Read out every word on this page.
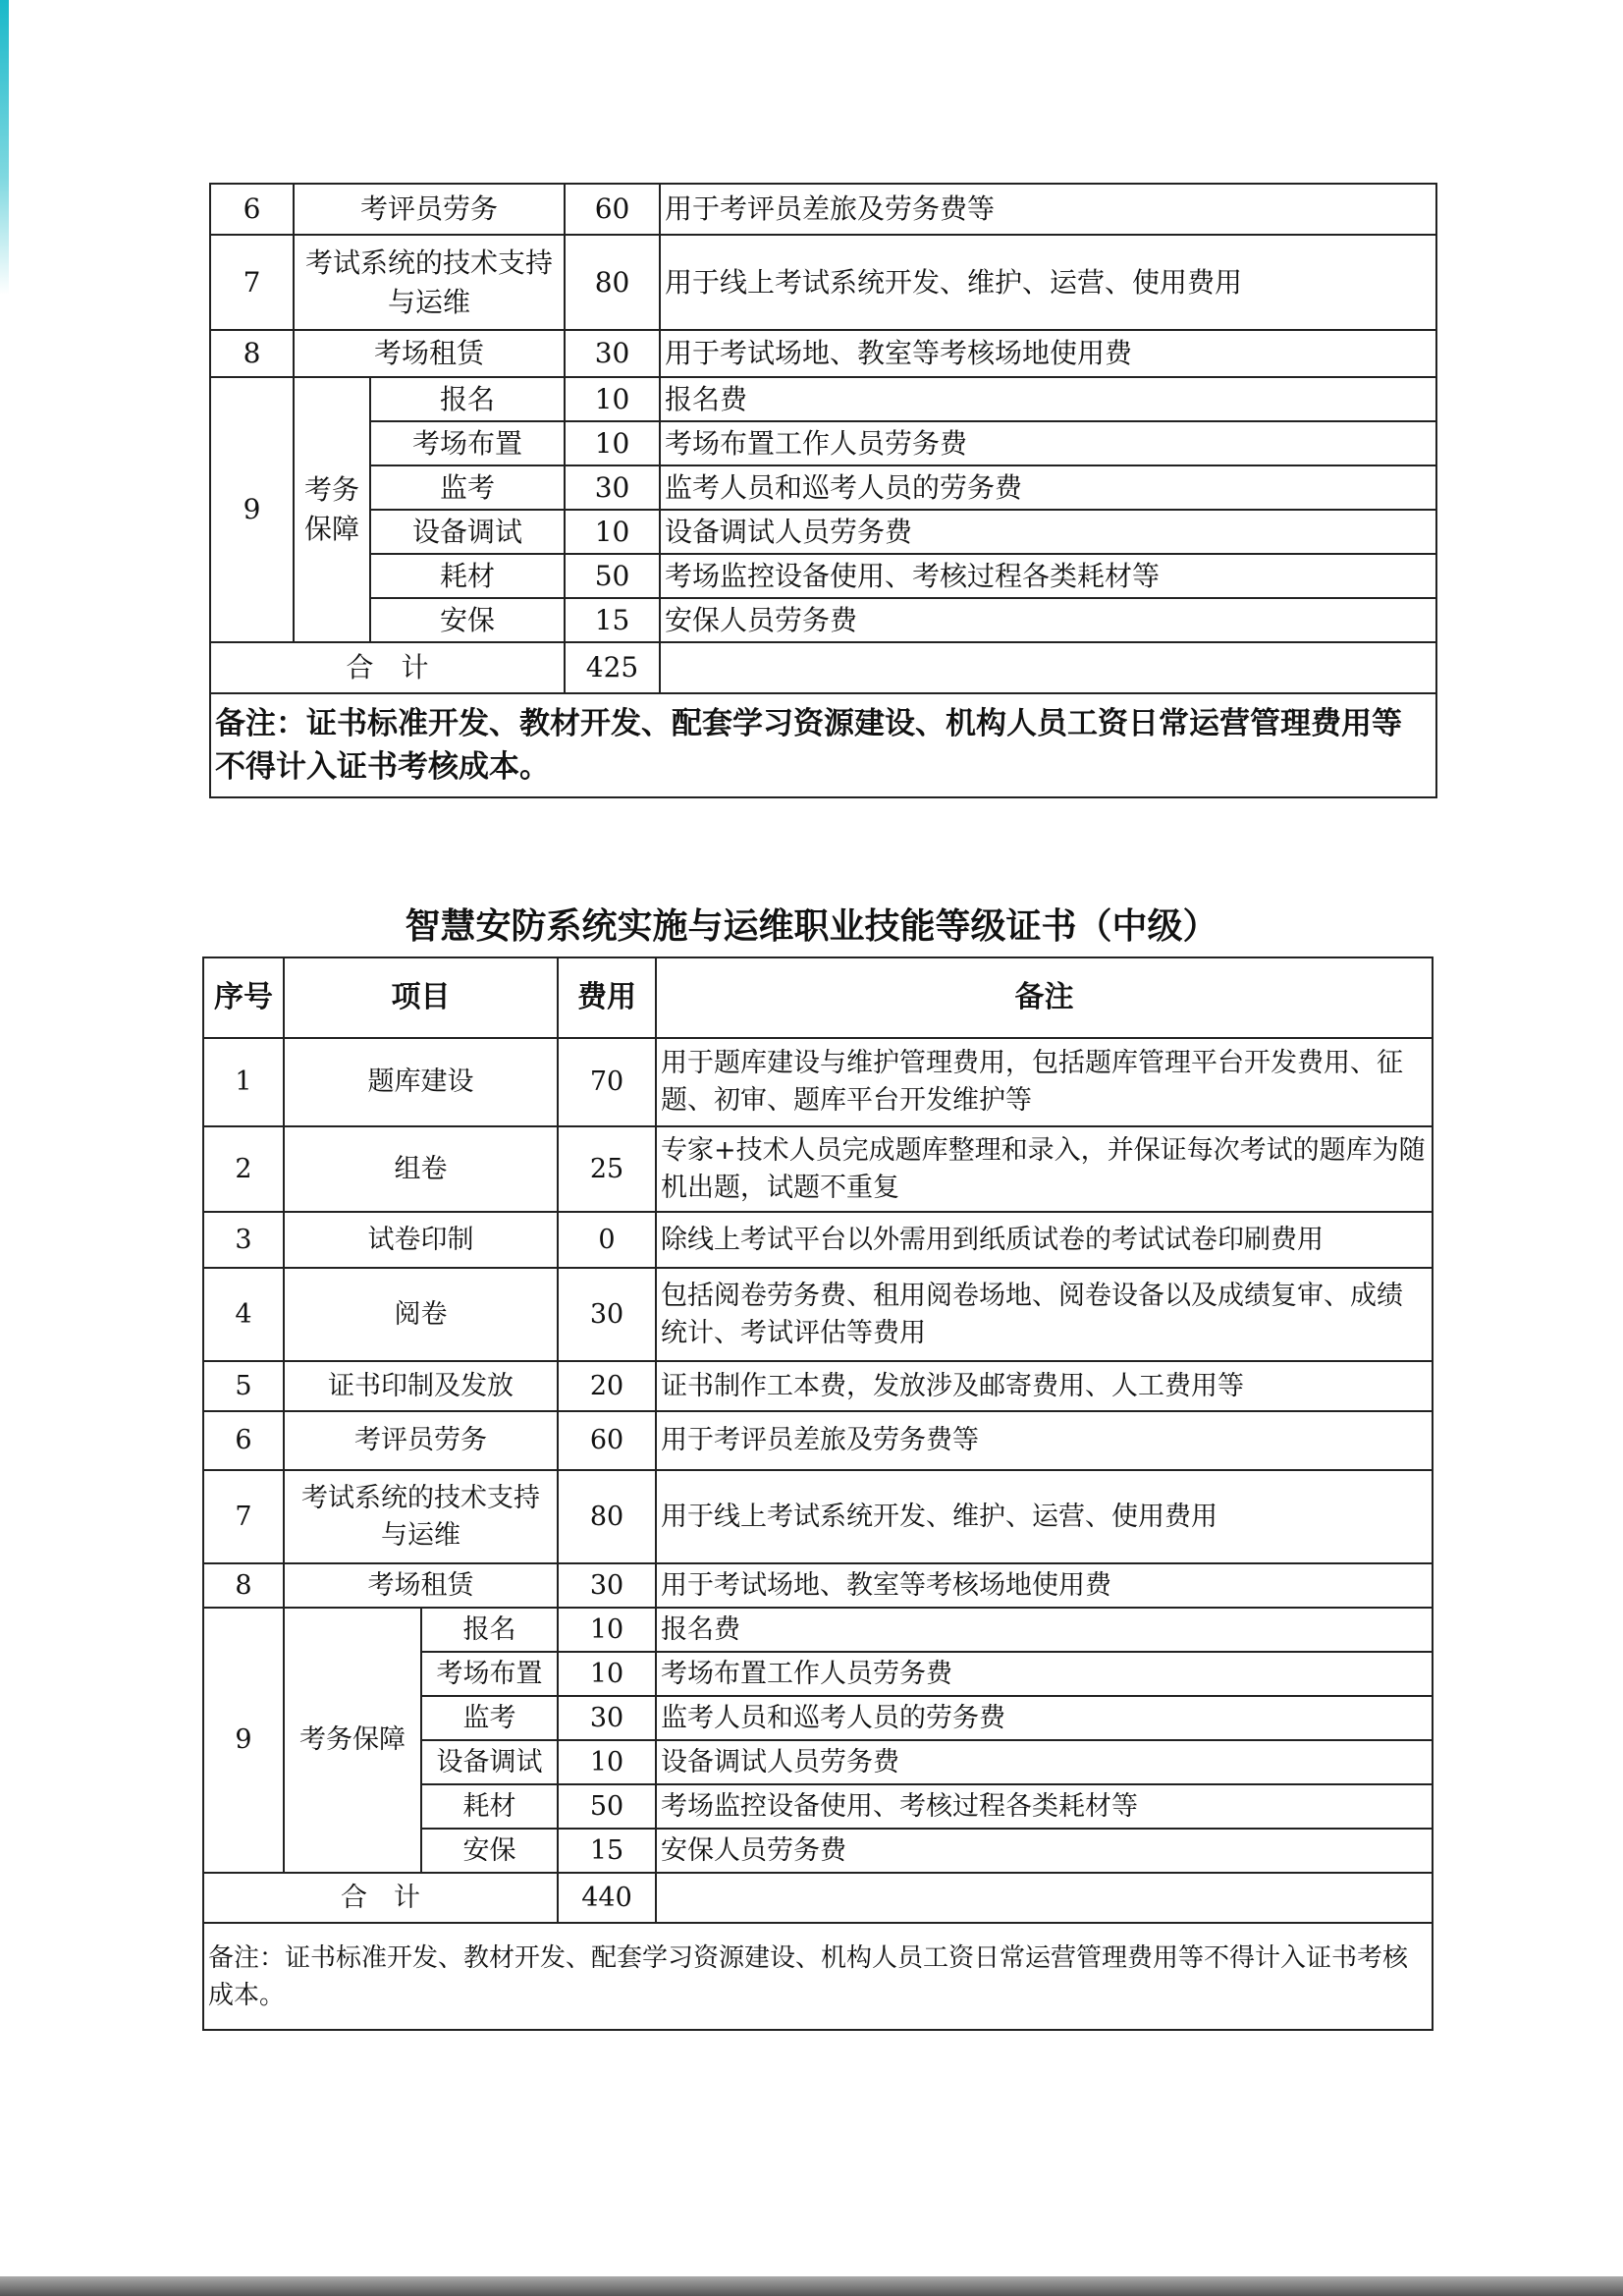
6	考评员劳务		60	用于考评员差旅及劳务费等
7	考试系统的技术支持与运维		80	用于线上考试系统开发、维护、运营、使用费用
8	考场租赁		30	用于考试场地、教室等考核场地使用费
9	考务保障	报名	10	报名费
		考场布置	10	考场布置工作人员劳务费
		监考	30	监考人员和巡考人员的劳务费
		设备调试	10	设备调试人员劳务费
		耗材	50	考场监控设备使用、考核过程各类耗材等
		安保	15	安保人员劳务费
合　计			425	
备注：证书标准开发、教材开发、配套学习资源建设、机构人员工资日常运营管理费用等不得计入证书考核成本。				
智慧安防系统实施与运维职业技能等级证书（中级）
序号	项目		费用	备注
1	题库建设		70	用于题库建设与维护管理费用，包括题库管理平台开发费用、征题、初审、题库平台开发维护等
2	组卷		25	专家+技术人员完成题库整理和录入，并保证每次考试的题库为随机出题，试题不重复
3	试卷印制		0	除线上考试平台以外需用到纸质试卷的考试试卷印刷费用
4	阅卷		30	包括阅卷劳务费、租用阅卷场地、阅卷设备以及成绩复审、成绩统计、考试评估等费用
5	证书印制及发放		20	证书制作工本费，发放涉及邮寄费用、人工费用等
6	考评员劳务		60	用于考评员差旅及劳务费等
7	考试系统的技术支持与运维		80	用于线上考试系统开发、维护、运营、使用费用
8	考场租赁		30	用于考试场地、教室等考核场地使用费
9	考务保障	报名	10	报名费
		考场布置	10	考场布置工作人员劳务费
		监考	30	监考人员和巡考人员的劳务费
		设备调试	10	设备调试人员劳务费
		耗材	50	考场监控设备使用、考核过程各类耗材等
		安保	15	安保人员劳务费
合　计			440	
备注：证书标准开发、教材开发、配套学习资源建设、机构人员工资日常运营管理费用等不得计入证书考核成本。				
